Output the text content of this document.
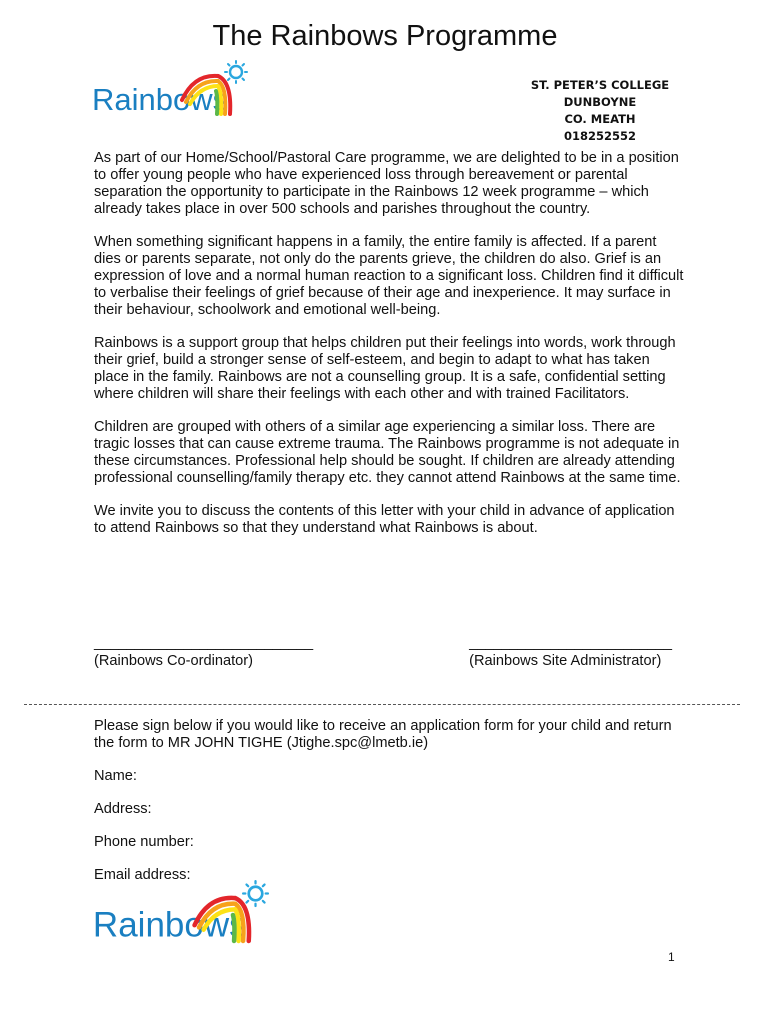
The Rainbows Programme
Rainbows	ST. PETER’S COLLEGE
DUNBOYNE
CO. MEATH
018252552

As part of our Home/School/Pastoral Care programme, we are delighted to be in a position to offer young people who have experienced loss through bereavement or parental separation the opportunity to participate in the Rainbows 12 week programme – which already takes place in over 500 schools and parishes throughout the country.

When something significant happens in a family, the entire family is affected. If a parent dies or parents separate, not only do the parents grieve, the children do also. Grief is an expression of love and a normal human reaction to a significant loss. Children find it difficult to verbalise their feelings of grief because of their age and inexperience. It may surface in their behaviour, schoolwork and emotional well-being.

Rainbows is a support group that helps children put their feelings into words, work through their grief, build a stronger sense of self-esteem, and begin to adapt to what has taken place in the family. Rainbows are not a counselling group. It is a safe, confidential setting where children will share their feelings with each other and with trained Facilitators.

Children are grouped with others of a similar age experiencing a similar loss. There are tragic losses that can cause extreme trauma. The Rainbows programme is not adequate in these circumstances. Professional help should be sought. If children are already attending professional counselling/family therapy etc. they cannot attend Rainbows at the same time.

We invite you to discuss the contents of this letter with your child in advance of application to attend Rainbows so that they understand what Rainbows is about.

___________________________
(Rainbows Co-ordinator)
_________________________
(Rainbows Site Administrator)

Please sign below if you would like to receive an application form for your child and return the form to MR JOHN TIGHE (Jtighe.spc@lmetb.ie)

Name:
Address:
Phone number:
Email address:
Rainbows
1
